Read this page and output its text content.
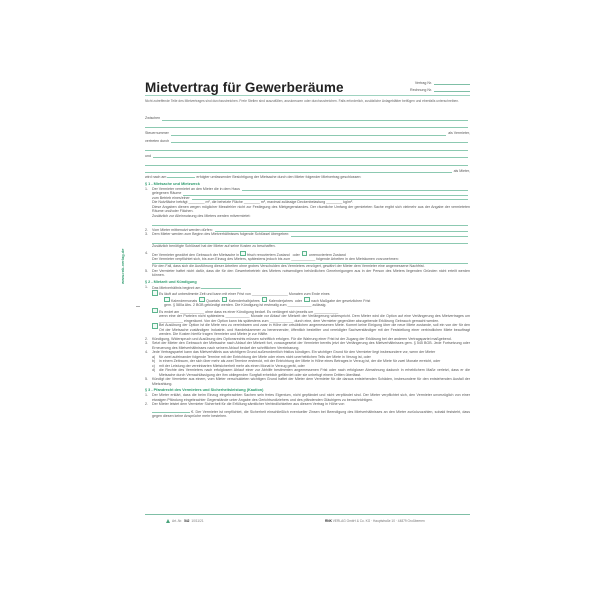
Mietvertrag für Gewerberäume	Vertrag Nr.
Rechnung Nr.
Nicht zutreffende Teile des Mietvertrages sind durchzustreichen. Freie Stellen sind auszufüllen, anzukreuzen oder durchzustreichen. Falls erforderlich, zusätzliche Anlageblätter beifügen und ebenfalls unterschreiben.
www.rnk-verlag.de
Zwischen
Steuernummer	als Vermieter,
vertreten durch
und
als Mieter,
wird nach am	erfolgter umfassender Besichtigung der Mietsache durch den Mieter folgender Mietvertrag geschlossen:
§ 1 - Mietsache und Mietzweck
1.	Der Vermieter vermietet an den Mieter die in dem Haus
gelegenen Räume
zum Betrieb eines/einer
Die Nutzfläche beträgt ________ m², die beheizte Fläche ________ m², maximal zulässige Deckenbelastung ________ kg/m².
Diese Angaben dienen wegen möglicher Messfehler nicht zur Festlegung des Mietgegenstandes. Der räumliche Umfang der gemieteten Sache ergibt sich vielmehr aus der Angabe der vermieteten Räume und/oder Flächen.
Zusätzlich zur Alleinnutzung des Mieters werden mitvermietet:
2.	Vom Mieter mitbenutzt werden dürfen:
3.	Dem Mieter werden zum Beginn des Mietverhältnisses folgende Schlüssel übergeben:
Zusätzlich benötigte Schlüssel hat der Mieter auf seine Kosten zu beschaffen.
4.	Der Vermieter gewährt den Gebrauch der Mietsache in frisch renoviertem Zustand oder	unrenoviertem Zustand
Der Vermieter verpflichtet sich, bis zum Einzug des Mieters, spätestens jedoch bis zum ____________ folgende Arbeiten in den Mieträumen vorzunehmen:
Für den Fall, dass sich die Ausführung dieser Arbeiten ohne grobes Verschulden des Vermieters verzögert, gewährt der Mieter dem Vermieter eine angemessene Nachfrist.
5.	Der Vermieter haftet nicht dafür, dass die für den Gewerbebetrieb des Mieters notwendigen behördlichen Genehmigungen aus in der Person des Mieters liegenden Gründen nicht erteilt werden können.
§ 2 - Mietzeit und Kündigung
1.	Das Mietverhältnis beginnt am
Es läuft auf unbestimmte Zeit und kann mit einer Frist von __________________ Monaten zum Ende eines
Kalendermonats	Quartals	Kalenderhalbjahres	Kalenderjahres oder	nach Maßgabe der gesetzlichen Frist
gem. § 580a Abs. 2 BGB gekündigt werden. Die Kündigung ist erstmalig zum ____________ zulässig.
Es endet am ____________ ohne dass es einer Kündigung bedarf. Es verlängert sich jeweils um ____________
wenn eine der Parteien nicht spätestens ____________ Monate vor Ablauf der Mietzeit der Verlängerung widerspricht. Dem Mieter wird die Option auf eine Verlängerung des Mietvertrages um ____________ eingeräumt. Von der Option kann bis spätestens zum ____________ durch eine, dem Vermieter gegenüber abzugebende Erklärung Gebrauch gemacht werden.
Bei Ausübung der Option ist die Miete neu zu vereinbaren und zwar in Höhe der ortsüblichen angemessenen Miete. Kommt keine Einigung über die neue Miete zustande, soll ein von der für den Ort der Mietsache zuständigen Industrie- und Handelskammer zu benennender, öffentlich bestellter und vereidigter Sachverständiger mit der Feststellung einer verbindlichen Miete beauftragt werden. Die Kosten hierfür tragen Vermieter und Mieter je zur Hälfte.
2.	Kündigung, Widerspruch und Ausübung des Optionsrechts müssen schriftlich erfolgen. Für die Wahrung einer Frist ist der Zugang der Erklärung bei der anderen Vertragspartei maßgebend.
3.	Setzt der Mieter den Gebrauch der Mietsache nach Ablauf der Mietzeit fort, vorausgesetzt der Vermieter bereits jetzt der Verlängerung des Mietverhältnisses gem. § 545 BGB. Jede Fortsetzung oder Erneuerung des Mietverhältnisses nach seinem Ablauf bedarf der schriftlichen Vereinbarung.
4.	Jede Vertragspartei kann das Mietverhältnis aus wichtigem Grund außerordentlich fristlos kündigen. Ein wichtiger Grund für den Vermieter liegt insbesondere vor, wenn der Mieter
a)	für zwei aufeinander folgende Termine mit der Entrichtung der Miete oder eines nicht unerheblichen Teils der Miete in Verzug ist, oder
b)	in einem Zeitraum, der sich über mehr als zwei Termine erstreckt, mit der Entrichtung der Miete in Höhe eines Betrages in Verzug ist, der die Miete für zwei Monate erreicht, oder
c)	mit der Leistung der vereinbarten Mietsicherheit mehr als einen Monat in Verzug gerät, oder
d)	die Rechte des Vermieters nach erfolglosem Ablauf einer zur Abhilfe bestimmten angemessenen Frist oder nach erfolgloser Abmahnung dadurch in erheblichem Maße verletzt, dass er die Mietsache durch Vernachlässigung der ihm obliegenden Sorgfalt erheblich gefährdet oder sie unbefugt einem Dritten überlässt.
5.	Kündigt der Vermieter aus einem, vom Mieter verschuldeten wichtigen Grund haftet der Mieter dem Vermieter für die daraus entstehenden Schäden, insbesondere für den entstehenden Ausfall der Mietzahlung.
§ 3 - Pfandrecht des Vermieters und Sicherheitsleistung (Kaution)
1.	Der Mieter erklärt, dass die beim Einzug eingebrachten Sachen sein freies Eigentum, nicht gepfändet und nicht verpfändet sind. Der Mieter verpflichtet sich, den Vermieter unverzüglich von einer etwaigen Pfändung eingebrachter Gegenstände unter Angabe des Gerichtsvollziehers und des pfändenden Gläubigers zu benachrichtigen.
2.	Der Mieter leistet dem Vermieter Sicherheit für die Erfüllung sämtlicher Verbindlichkeiten aus diesem Vertrag in Höhe von
€. Der Vermieter ist verpflichtet, die Sicherheit einschließlich eventueller Zinsen bei Beendigung des Mietverhältnisses an den Mieter zurückzuzahlen, sobald feststeht, dass gegen diesen keine Ansprüche mehr bestehen.
Art.-Nr. 542 10/11/21	RNK VERLAG GmbH & Co. KG · Hauptstraße 10 · 44879 Großbeeren
